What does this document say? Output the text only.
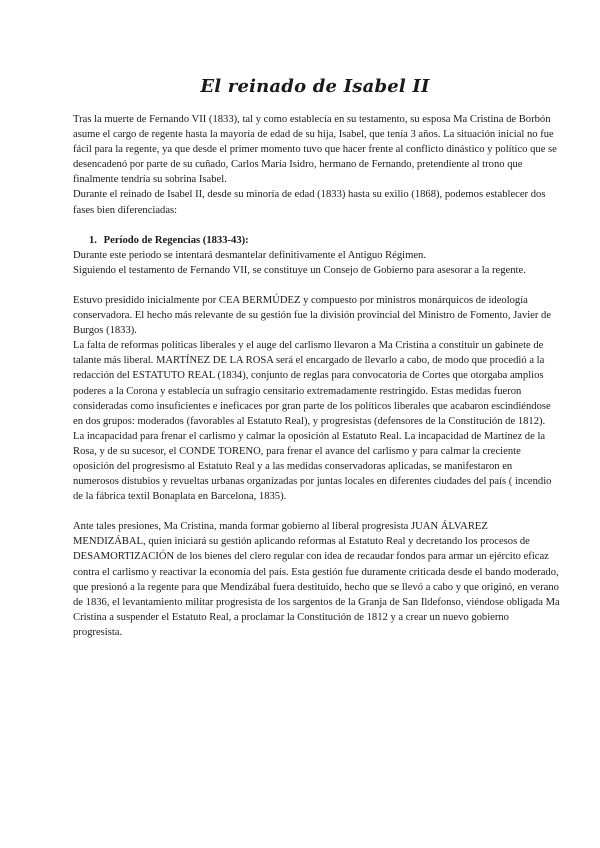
El reinado de Isabel II

Tras la muerte de Fernando VII (1833), tal y como establecía en su testamento, su esposa Ma Cristina de Borbón asume el cargo de regente hasta la mayoría de edad de su hija, Isabel, que tenía 3 años. La situación inicial no fue fácil para la regente, ya que desde el primer momento tuvo que hacer frente al conflicto dinástico y político que se desencadenó por parte de su cuñado, Carlos María Isidro, hermano de Fernando, pretendiente al trono que finalmente tendría su sobrina Isabel.

Durante el reinado de Isabel II, desde su minoría de edad (1833) hasta su exilio (1868), podemos establecer dos fases bien diferenciadas:

1. Período de Regencias (1833-43):

Durante este periodo se intentará desmantelar definitivamente el Antiguo Régimen.

Siguiendo el testamento de Fernando VII, se constituye un Consejo de Gobierno para asesorar a la regente.

Estuvo presidido inicialmente por CEA BERMÚDEZ y compuesto por ministros monárquicos de ideología conservadora. El hecho más relevante de su gestión fue la división provincial del Ministro de Fomento, Javier de Burgos (1833).

La falta de reformas políticas liberales y el auge del carlismo llevaron a Ma Cristina a constituir un gabinete de talante más liberal. MARTÍNEZ DE LA ROSA será el encargado de llevarlo a cabo, de modo que procedió a la redacción del ESTATUTO REAL (1834), conjunto de reglas para convocatoria de Cortes que otorgaba amplios poderes a la Corona y establecía un sufragio censitario extremadamente restringido. Estas medidas fueron consideradas como insuficientes e ineficaces por gran parte de los políticos liberales que acabaron escindiéndose en dos grupos: moderados (favorables al Estatuto Real), y progresistas (defensores de la Constitución de 1812).

La incapacidad para frenar el carlismo y calmar la oposición al Estatuto Real. La incapacidad de Martínez de la Rosa, y de su sucesor, el CONDE TORENO, para frenar el avance del carlismo y para calmar la creciente oposición del progresismo al Estatuto Real y a las medidas conservadoras aplicadas, se manifestaron en numerosos distubios y revueltas urbanas organizadas por juntas locales en diferentes ciudades del país ( incendio de la fábrica textil Bonaplata en Barcelona, 1835).

Ante tales presiones, Ma Cristina, manda formar gobierno al liberal progresista JUAN ÁLVAREZ MENDIZÁBAL, quien iniciará su gestión aplicando reformas al Estatuto Real y decretando los procesos de DESAMORTIZACIÓN de los bienes del clero regular con idea de recaudar fondos para armar un ejército eficaz contra el carlismo y reactivar la economía del país. Esta gestión fue duramente criticada desde el bando moderado, que presionó a la regente para que Mendizábal fuera destituido, hecho que se llevó a cabo y que originó, en verano de 1836, el levantamiento militar progresista de los sargentos de la Granja de San Ildefonso, viéndose obligada Ma Cristina a suspender el Estatuto Real, a proclamar la Constitución de 1812 y a crear un nuevo gobierno progresista.
